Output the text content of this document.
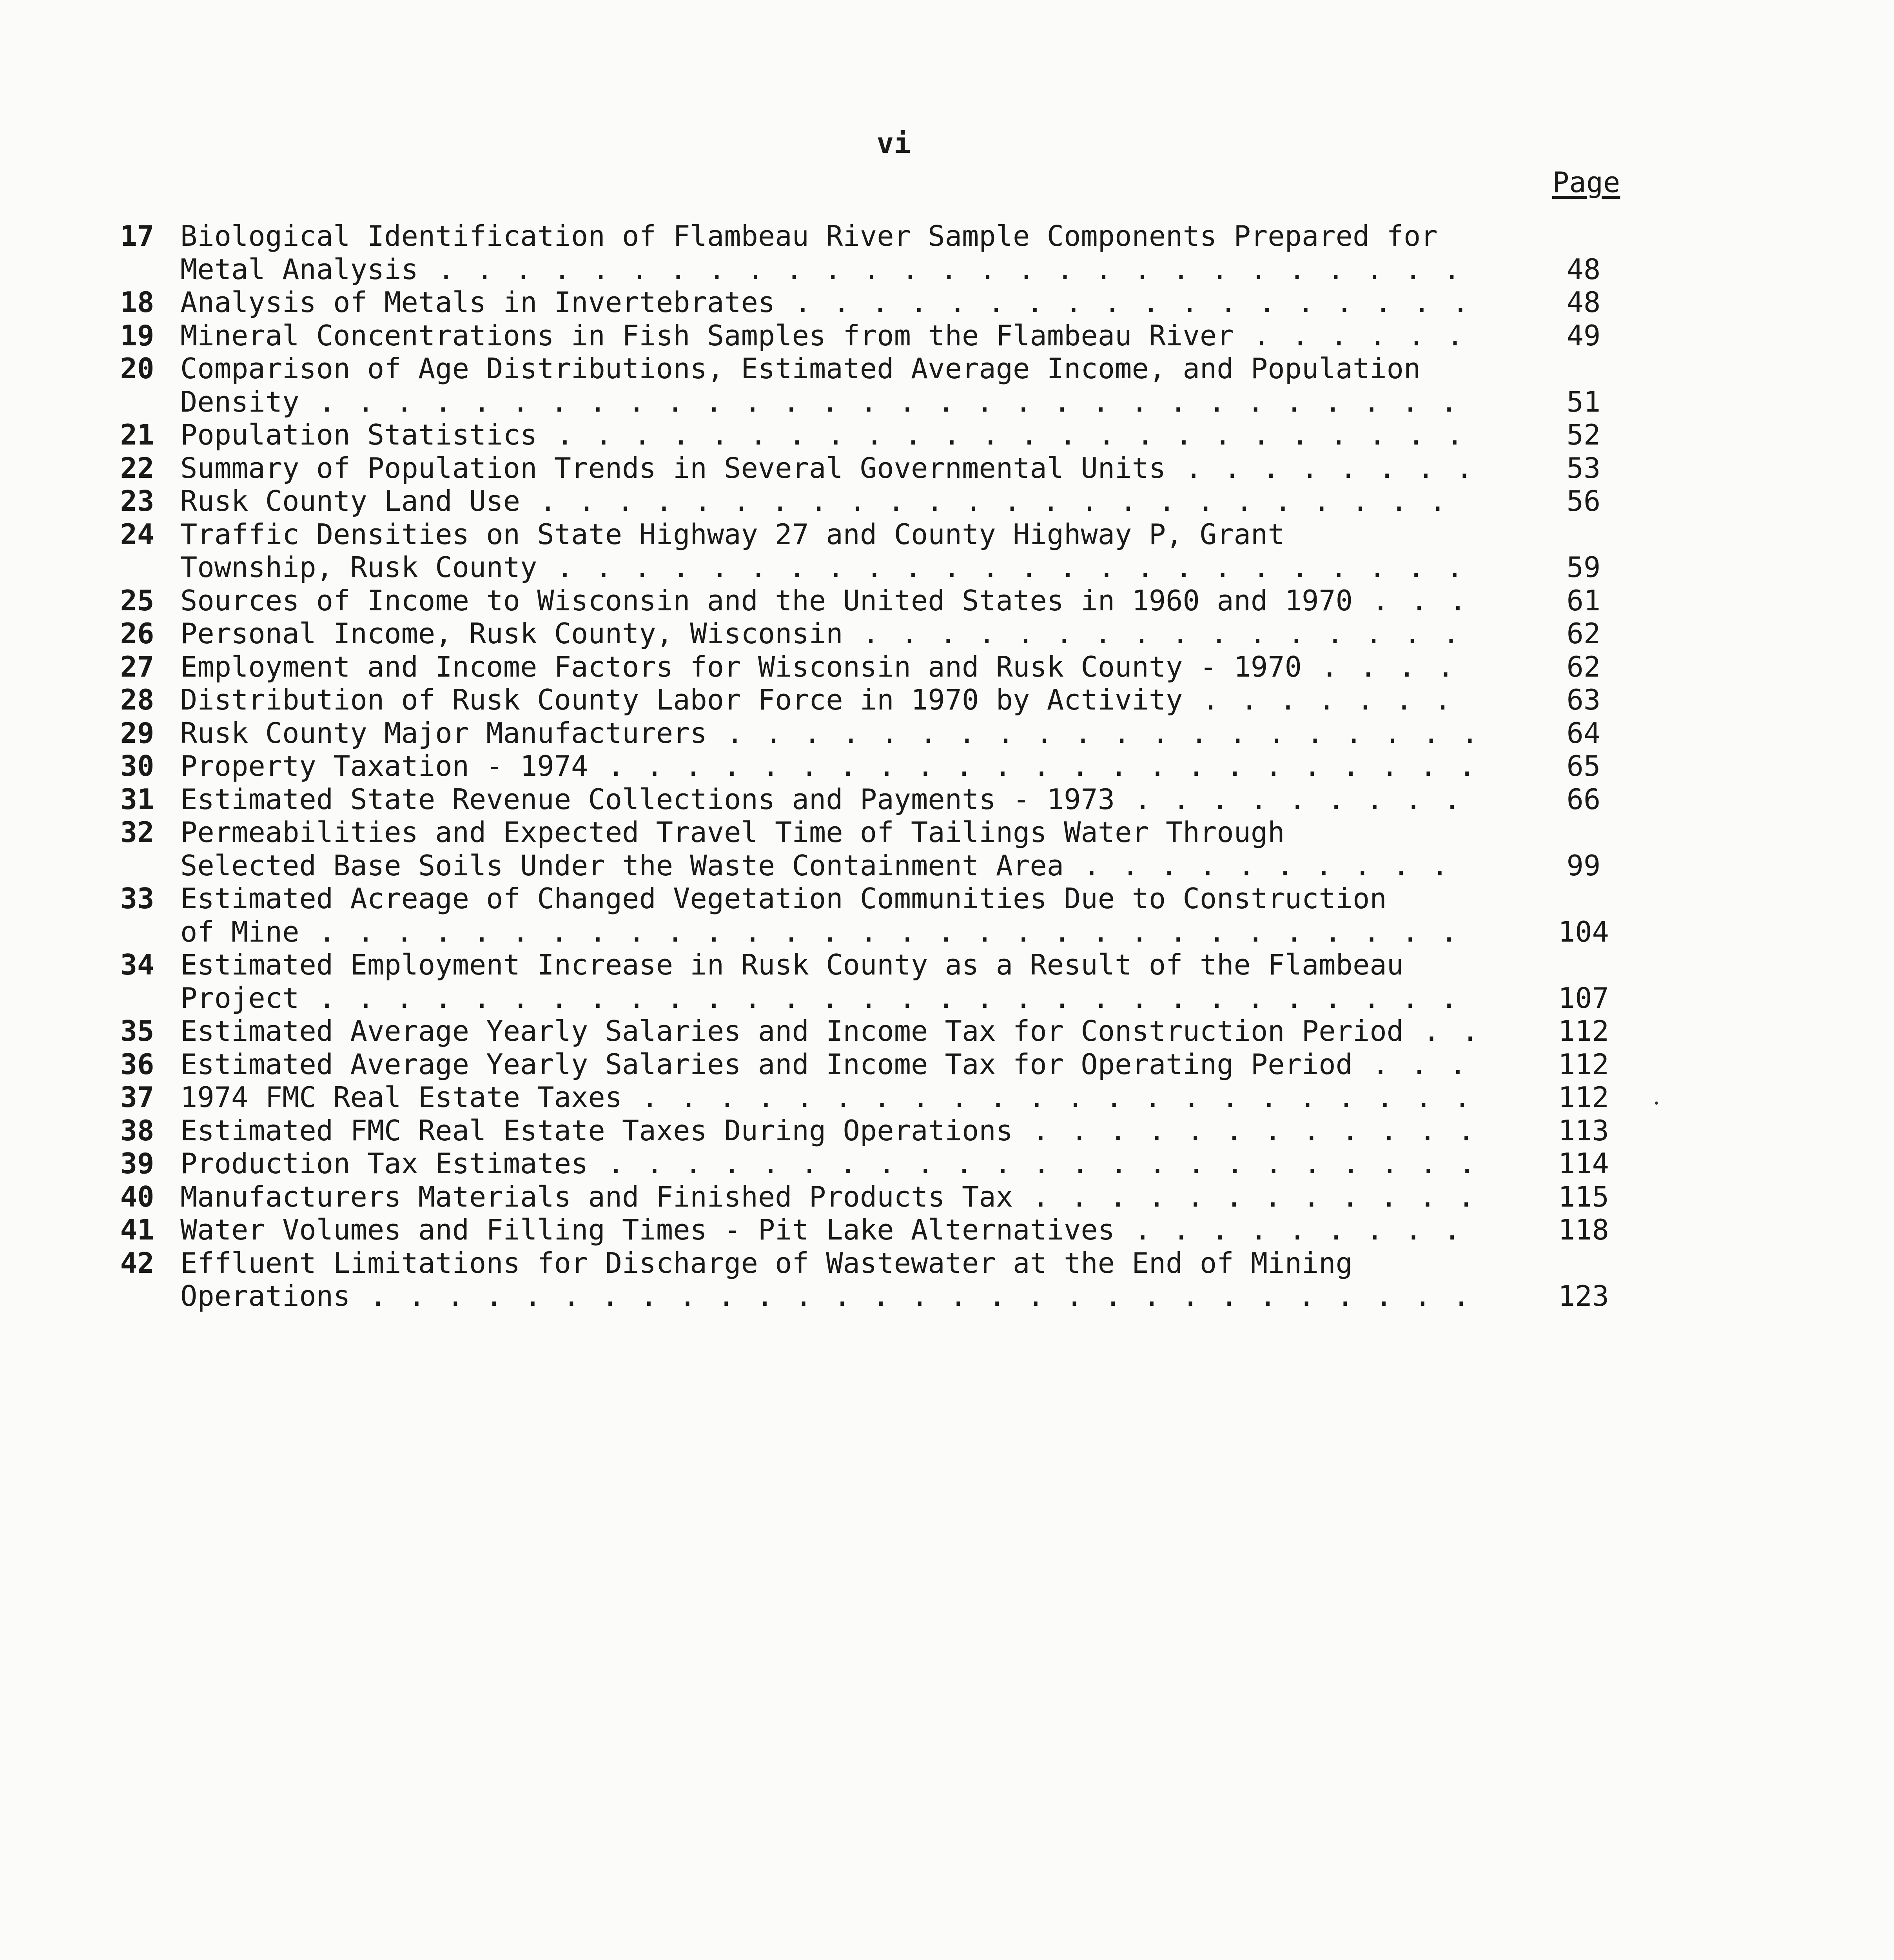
vi
Page
17 Biological Identification of Flambeau River Sample Components Prepared for
Metal Analysis . . .	48
18 Analysis of Metals in Invertebrates . . .	48
19 Mineral Concentrations in Fish Samples from the Flambeau River . . .	49
20 Comparison of Age Distributions, Estimated Average Income, and Population
Density . . .	51
21 Population Statistics . . .	52
22 Summary of Population Trends in Several Governmental Units . . .	53
23 Rusk County Land Use . . .	56
24 Traffic Densities on State Highway 27 and County Highway P, Grant
Township, Rusk County . . .	59
25 Sources of Income to Wisconsin and the United States in 1960 and 1970 . . .	61
26 Personal Income, Rusk County, Wisconsin . . .	62
27 Employment and Income Factors for Wisconsin and Rusk County - 1970 . . .	62
28 Distribution of Rusk County Labor Force in 1970 by Activity . . .	63
29 Rusk County Major Manufacturers . . .	64
30 Property Taxation - 1974 . . .	65
31 Estimated State Revenue Collections and Payments - 1973 . . .	66
32 Permeabilities and Expected Travel Time of Tailings Water Through
Selected Base Soils Under the Waste Containment Area . . .	99
33 Estimated Acreage of Changed Vegetation Communities Due to Construction
of Mine . . .	104
34 Estimated Employment Increase in Rusk County as a Result of the Flambeau
Project . . .	107
35 Estimated Average Yearly Salaries and Income Tax for Construction Period . . .	112
36 Estimated Average Yearly Salaries and Income Tax for Operating Period . . .	112
37 1974 FMC Real Estate Taxes . . .	112
38 Estimated FMC Real Estate Taxes During Operations . . .	113
39 Production Tax Estimates . . .	114
40 Manufacturers Materials and Finished Products Tax . . .	115
41 Water Volumes and Filling Times - Pit Lake Alternatives . . .	118
42 Effluent Limitations for Discharge of Wastewater at the End of Mining
Operations . . .	123
